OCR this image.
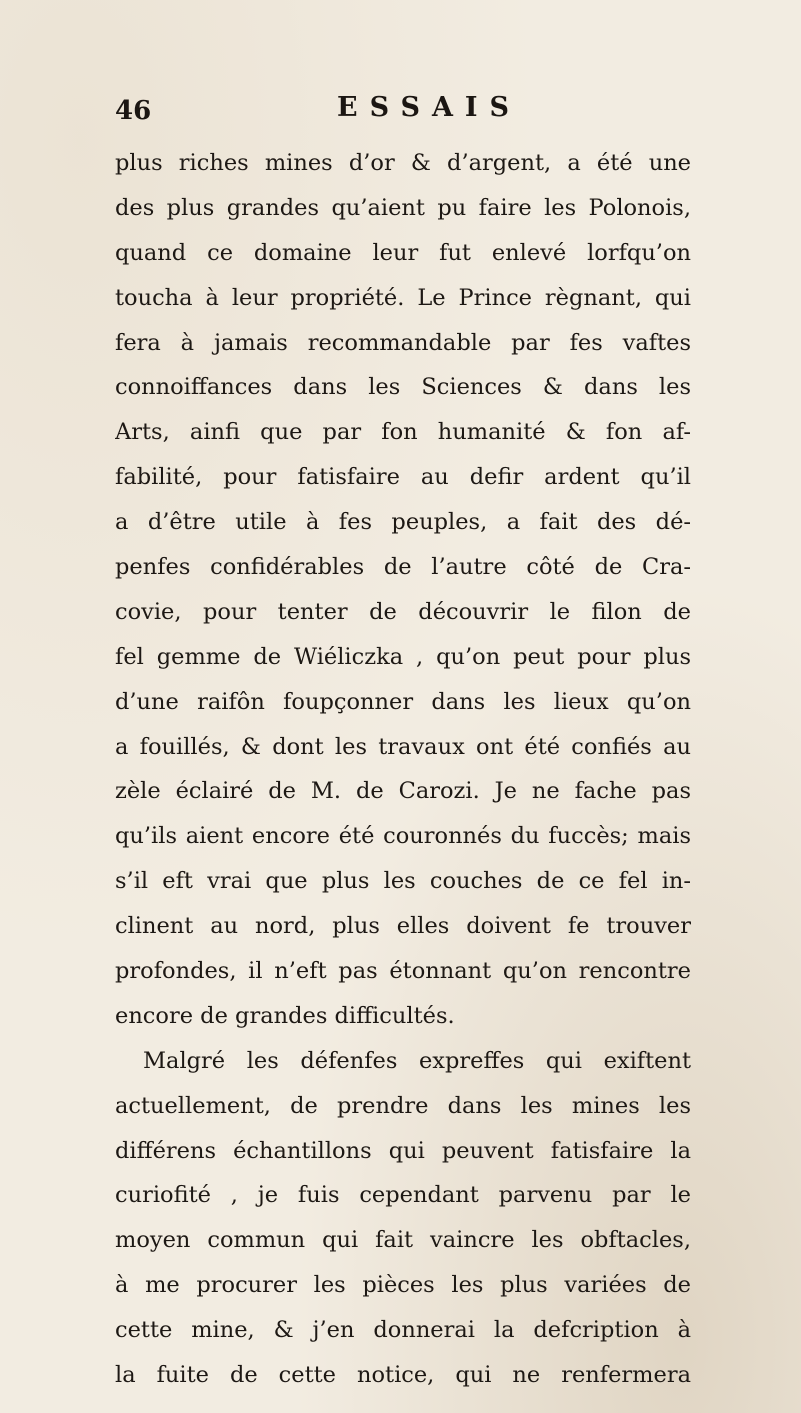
46	ESSAIS
plus riches mines d’or & d’argent, a été une
des plus grandes qu’aient pu faire les Polonois,
quand ce domaine leur fut enlevé lorfqu’on
toucha à leur propriété. Le Prince règnant, qui
fera à jamais recommandable par fes vaftes
connoiffances dans les Sciences & dans les
Arts, ainfi que par fon humanité & fon af-
fabilité, pour fatisfaire au defir ardent qu’il
a d’être utile à fes peuples, a fait des dé-
penfes confidérables de l’autre côté de Cra-
covie, pour tenter de découvrir le filon de
fel gemme de Wiéliczka , qu’on peut pour plus
d’une raifôn foupçonner dans les lieux qu’on
a fouillés, & dont les travaux ont été confiés au
zèle éclairé de M. de Carozi. Je ne fache pas
qu’ils aient encore été couronnés du fuccès; mais
s’il eft vrai que plus les couches de ce fel in-
clinent au nord, plus elles doivent fe trouver
profondes, il n’eft pas étonnant qu’on rencontre
encore de grandes difficultés.
Malgré les défenfes expreffes qui exiftent
actuellement, de prendre dans les mines les
différens échantillons qui peuvent fatisfaire la
curiofité , je fuis cependant parvenu par le
moyen commun qui fait vaincre les obftacles,
à me procurer les pièces les plus variées de
cette mine, & j’en donnerai la defcription à
la fuite de cette notice, qui ne renfermera
